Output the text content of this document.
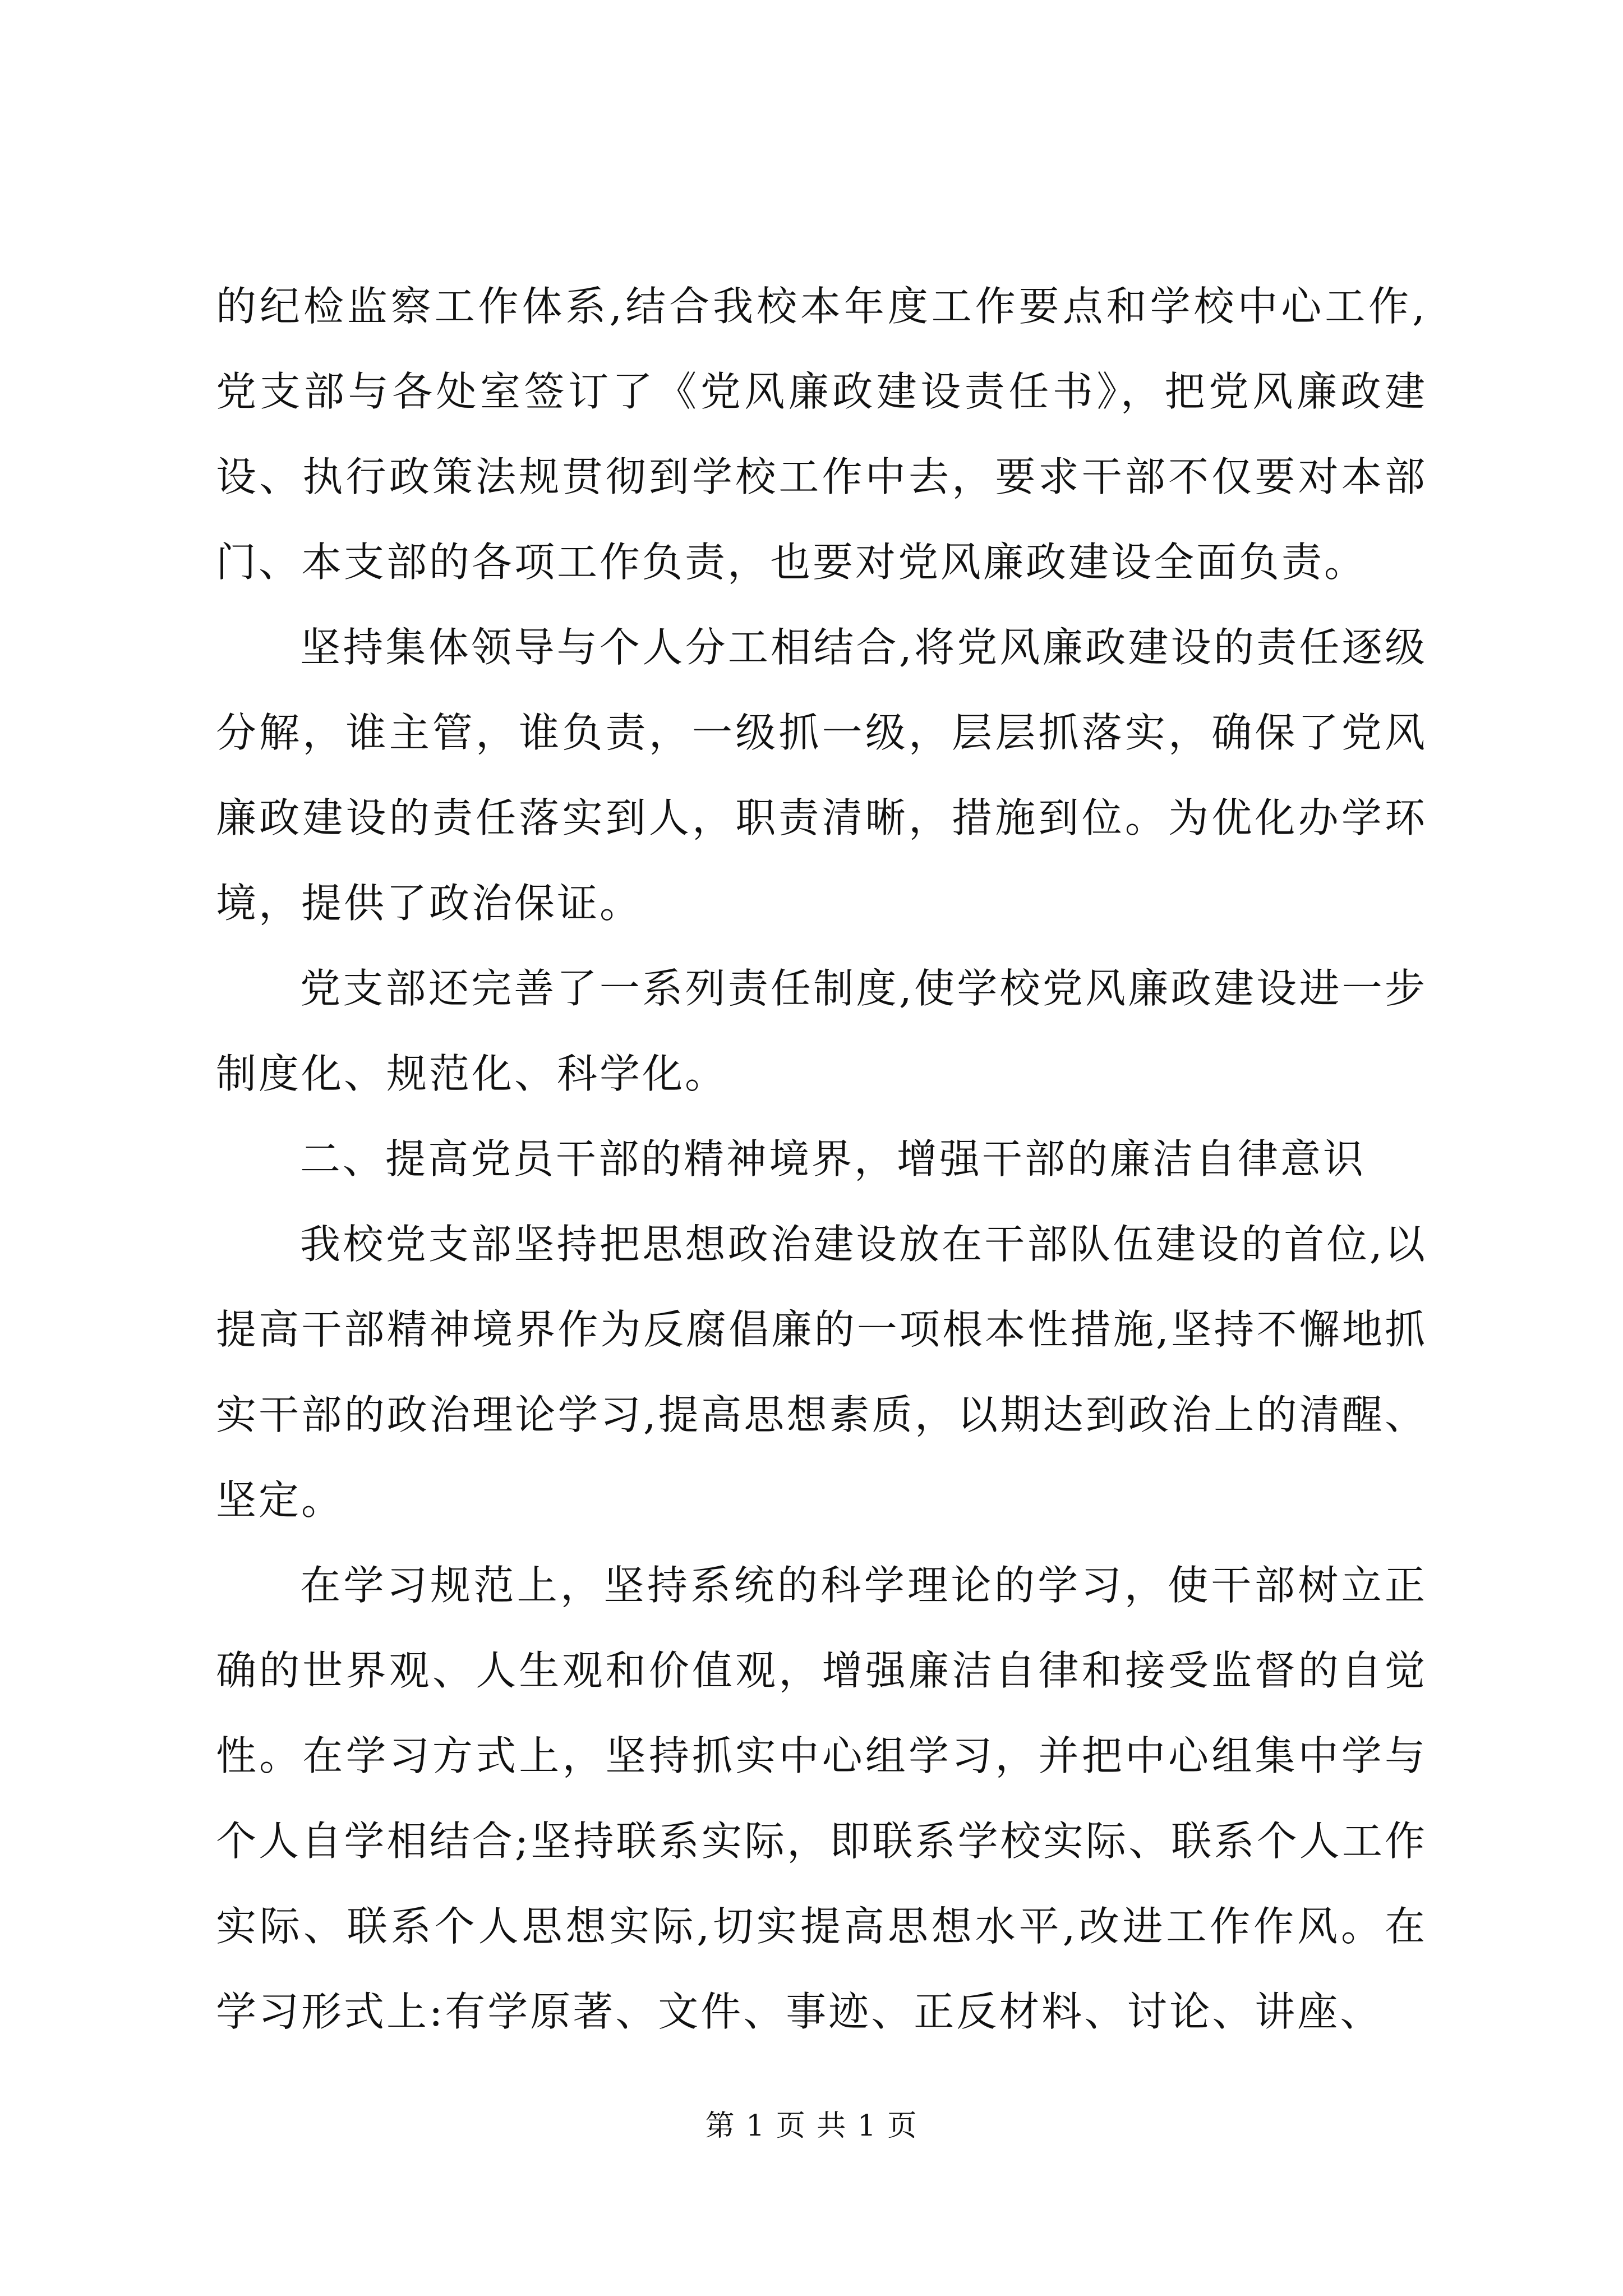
的纪检监察工作体系,结合我校本年度工作要点和学校中心工作,党支部与各处室签订了《党风廉政建设责任书》，把党风廉政建设、执行政策法规贯彻到学校工作中去，要求干部不仅要对本部门、本支部的各项工作负责，也要对党风廉政建设全面负责。

坚持集体领导与个人分工相结合,将党风廉政建设的责任逐级分解，谁主管，谁负责，一级抓一级，层层抓落实，确保了党风廉政建设的责任落实到人，职责清晰，措施到位。为优化办学环境，提供了政治保证。

党支部还完善了一系列责任制度,使学校党风廉政建设进一步制度化、规范化、科学化。

二、提高党员干部的精神境界，增强干部的廉洁自律意识

我校党支部坚持把思想政治建设放在干部队伍建设的首位,以提高干部精神境界作为反腐倡廉的一项根本性措施,坚持不懈地抓实干部的政治理论学习,提高思想素质，以期达到政治上的清醒、坚定。

在学习规范上，坚持系统的科学理论的学习，使干部树立正确的世界观、人生观和价值观，增强廉洁自律和接受监督的自觉性。在学习方式上，坚持抓实中心组学习，并把中心组集中学与个人自学相结合;坚持联系实际，即联系学校实际、联系个人工作实际、联系个人思想实际,切实提高思想水平,改进工作作风。在学习形式上:有学原著、文件、事迹、正反材料、讨论、讲座、

第 1 页 共 1 页
